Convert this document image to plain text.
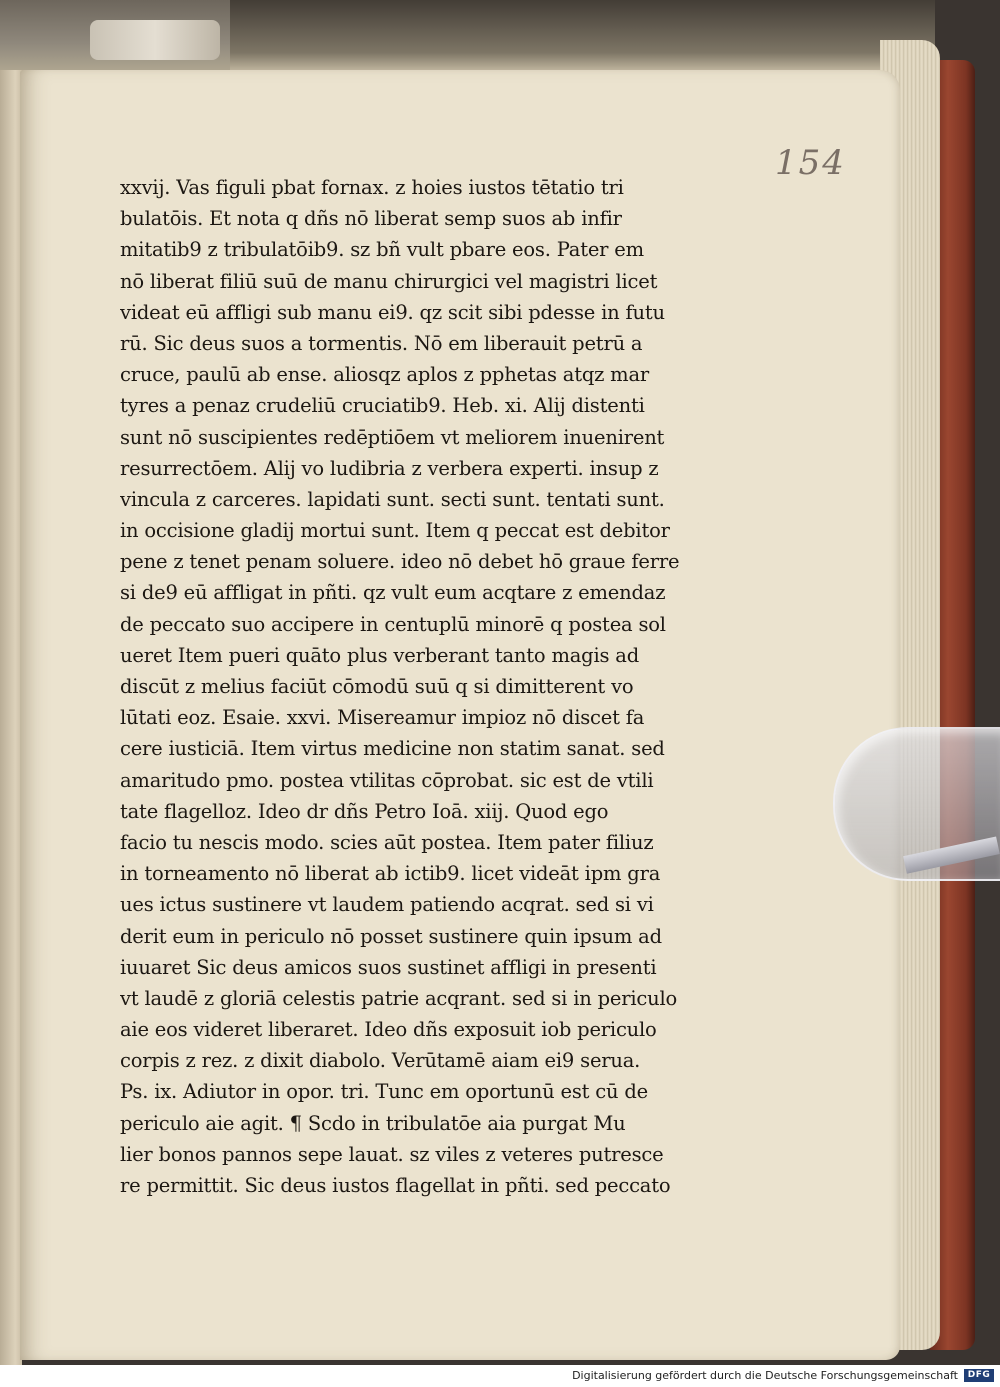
154
xxvij. Vas figuli pbat fornax. z hoies iustos tētatio tri
bulatōis. Et nota q dñs nō liberat semp suos ab infir
mitatib9 z tribulatōib9. sz bñ vult pbare eos. Pater em
nō liberat filiū suū de manu chirurgici vel magistri licet
videat eū affligi sub manu ei9. qz scit sibi pdesse in futu
rū. Sic deus suos a tormentis. Nō em liberauit petrū a
cruce, paulū ab ense. aliosqz aplos z pphetas atqz mar
tyres a penaz crudeliū cruciatib9. Heb. xi. Alij distenti
sunt nō suscipientes redēptiōem vt meliorem inuenirent
resurrectōem. Alij vo ludibria z verbera experti. insup z
vincula z carceres. lapidati sunt. secti sunt. tentati sunt.
in occisione gladij mortui sunt. Item q peccat est debitor
pene z tenet penam soluere. ideo nō debet hō graue ferre
si de9 eū affligat in pñti. qz vult eum acqtare z emendaz
de peccato suo accipere in centuplū minorē q postea sol
ueret Item pueri quāto plus verberant tanto magis ad
discūt z melius faciūt cōmodū suū q si dimitterent vo
lūtati eoz. Esaie. xxvi. Misereamur impioz nō discet fa
cere iusticiā. Item virtus medicine non statim sanat. sed
amaritudo pmo. postea vtilitas cōprobat. sic est de vtili
tate flagelloz. Ideo dr dñs Petro Ioā. xiij. Quod ego
facio tu nescis modo. scies aūt postea. Item pater filiuz
in torneamento nō liberat ab ictib9. licet videāt ipm gra
ues ictus sustinere vt laudem patiendo acqrat. sed si vi
derit eum in periculo nō posset sustinere quin ipsum ad
iuuaret Sic deus amicos suos sustinet affligi in presenti
vt laudē z gloriā celestis patrie acqrant. sed si in periculo
aie eos videret liberaret. Ideo dñs exposuit iob periculo
corpis z rez. z dixit diabolo. Verūtamē aiam ei9 serua.
Ps. ix. Adiutor in opor. tri. Tunc em oportunū est cū de
periculo aie agit. ¶ Scdo in tribulatōe aia purgat Mu
lier bonos pannos sepe lauat. sz viles z veteres putresce
re permittit. Sic deus iustos flagellat in pñti. sed peccato
Digitalisierung gefördert durch die Deutsche Forschungsgemeinschaft	DFG
